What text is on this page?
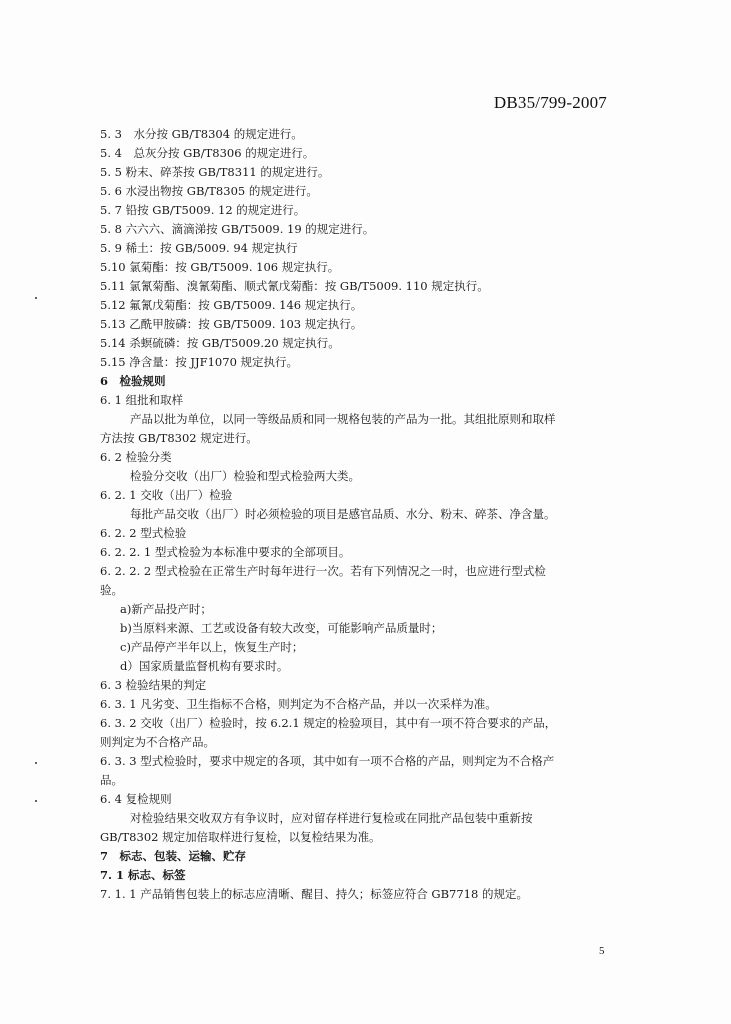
DB35/799-2007
5. 3　水分按 GB/T8304 的规定进行。
5. 4　总灰分按 GB/T8306 的规定进行。
5. 5 粉末、碎茶按 GB/T8311 的规定进行。
5. 6 水浸出物按 GB/T8305 的规定进行。
5. 7 铅按 GB/T5009. 12 的规定进行。
5. 8 六六六、滴滴涕按 GB/T5009. 19 的规定进行。
5. 9 稀土：按 GB/5009. 94 规定执行
5.10 氯菊酯：按 GB/T5009. 106 规定执行。
5.11 氯氰菊酯、溴氰菊酯、顺式氰戊菊酯：按 GB/T5009. 110 规定执行。
5.12 氟氰戊菊酯：按 GB/T5009. 146 规定执行。
5.13 乙酰甲胺磷：按 GB/T5009. 103 规定执行。
5.14 杀螟硫磷：按 GB/T5009.20 规定执行。
5.15 净含量：按 JJF1070 规定执行。
6　检验规则
6. 1 组批和取样
产品以批为单位，以同一等级品质和同一规格包装的产品为一批。其组批原则和取样
方法按 GB/T8302 规定进行。
6. 2 检验分类
检验分交收（出厂）检验和型式检验两大类。
6. 2. 1 交收（出厂）检验
每批产品交收（出厂）时必须检验的项目是感官品质、水分、粉末、碎茶、净含量。
6. 2. 2 型式检验
6. 2. 2. 1 型式检验为本标准中要求的全部项目。
6. 2. 2. 2 型式检验在正常生产时每年进行一次。若有下列情况之一时，也应进行型式检
验。
a)新产品投产时；
b)当原料来源、工艺或设备有较大改变，可能影响产品质量时；
c)产品停产半年以上，恢复生产时；
d）国家质量监督机构有要求时。
6. 3 检验结果的判定
6. 3. 1 凡劣变、卫生指标不合格，则判定为不合格产品，并以一次采样为准。
6. 3. 2 交收（出厂）检验时，按 6.2.1 规定的检验项目，其中有一项不符合要求的产品，
则判定为不合格产品。
6. 3. 3 型式检验时，要求中规定的各项，其中如有一项不合格的产品，则判定为不合格产
品。
6. 4 复检规则
对检验结果交收双方有争议时，应对留存样进行复检或在同批产品包装中重新按
GB/T8302 规定加倍取样进行复检，以复检结果为准。
7　标志、包装、运输、贮存
7. 1 标志、标签
7. 1. 1 产品销售包装上的标志应清晰、醒目、持久；标签应符合 GB7718 的规定。
5
